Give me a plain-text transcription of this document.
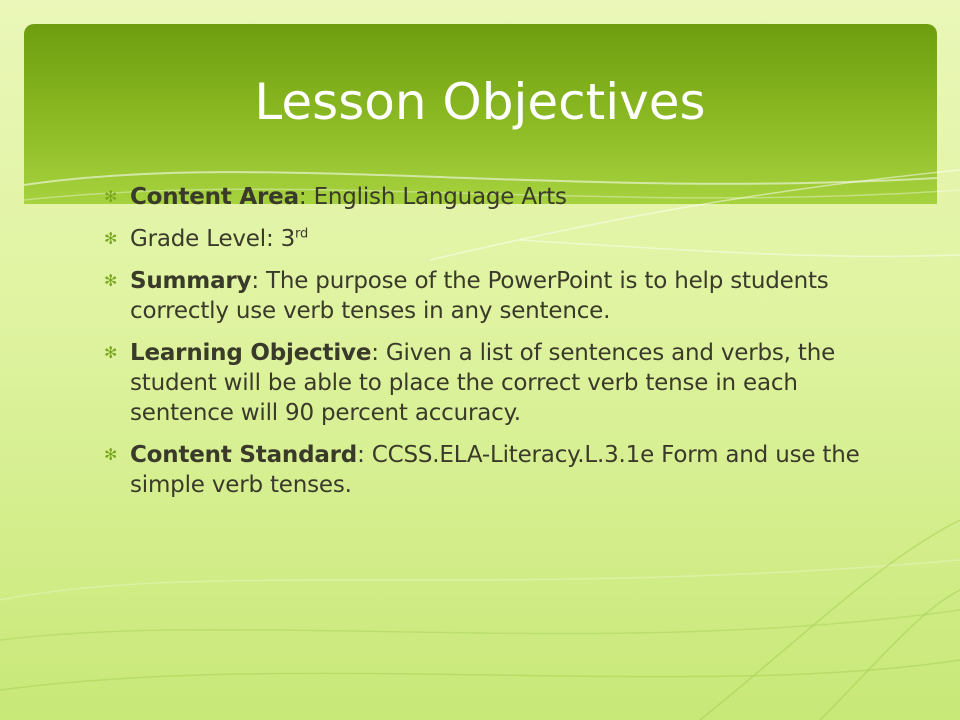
Lesson Objectives
✻ Content Area: English Language Arts
✻ Grade Level: 3rd
✻ Summary: The purpose of the PowerPoint is to help students correctly use verb tenses in any sentence.
✻ Learning Objective: Given a list of sentences and verbs, the student will be able to place the correct verb tense in each sentence will 90 percent accuracy.
✻ Content Standard: CCSS.ELA-Literacy.L.3.1e Form and use the simple verb tenses.
